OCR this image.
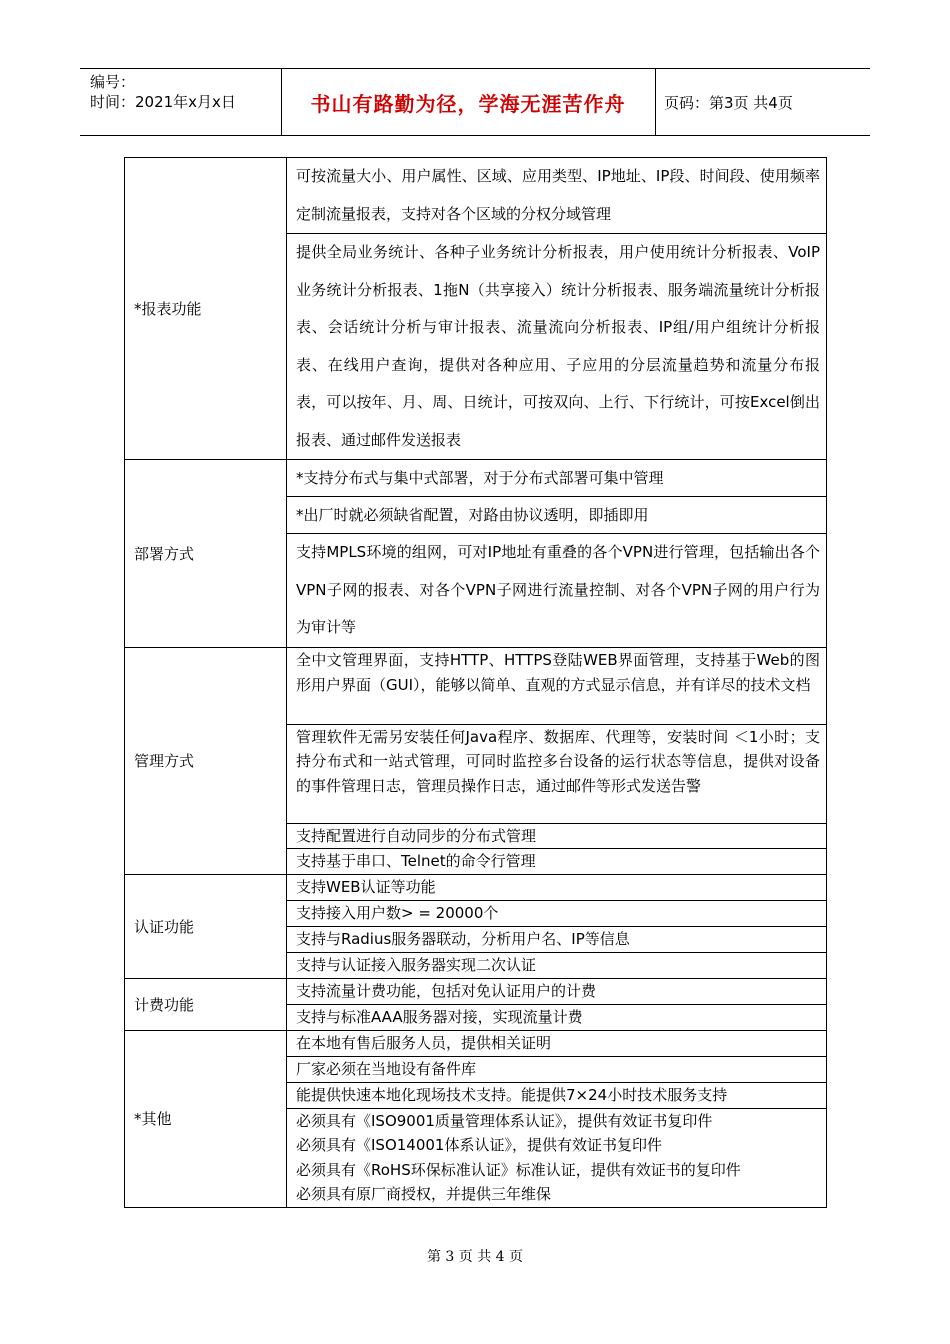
编号：
时间：2021年x月x日	书山有路勤为径，学海无涯苦作舟	页码：第3页 共4页
*报表功能	可按流量大小、用户属性、区域、应用类型、IP地址、IP段、时间段、使用频率定制流量报表，支持对各个区域的分权分域管理
	提供全局业务统计、各种子业务统计分析报表，用户使用统计分析报表、VoIP业务统计分析报表、1拖N（共享接入）统计分析报表、服务端流量统计分析报表、会话统计分析与审计报表、流量流向分析报表、IP组/用户组统计分析报表、在线用户查询，提供对各种应用、子应用的分层流量趋势和流量分布报表，可以按年、月、周、日统计，可按双向、上行、下行统计，可按Excel倒出报表、通过邮件发送报表
部署方式	*支持分布式与集中式部署，对于分布式部署可集中管理
	*出厂时就必须缺省配置，对路由协议透明，即插即用
	支持MPLS环境的组网，可对IP地址有重叠的各个VPN进行管理，包括输出各个VPN子网的报表、对各个VPN子网进行流量控制、对各个VPN子网的用户行为为审计等
管理方式	全中文管理界面，支持HTTP、HTTPS登陆WEB界面管理，支持基于Web的图形用户界面（GUI），能够以简单、直观的方式显示信息，并有详尽的技术文档
	管理软件无需另安装任何Java程序、数据库、代理等，安装时间 ＜1小时；支持分布式和一站式管理，可同时监控多台设备的运行状态等信息，提供对设备的事件管理日志，管理员操作日志，通过邮件等形式发送告警
	支持配置进行自动同步的分布式管理
	支持基于串口、Telnet的命令行管理
认证功能	支持WEB认证等功能
	支持接入用户数> = 20000个
	支持与Radius服务器联动，分析用户名、IP等信息
	支持与认证接入服务器实现二次认证
计费功能	支持流量计费功能，包括对免认证用户的计费
	支持与标准AAA服务器对接，实现流量计费
*其他	在本地有售后服务人员，提供相关证明
	厂家必须在当地设有备件库
	能提供快速本地化现场技术支持。能提供7×24小时技术服务支持

	必须具有《ISO9001质量管理体系认证》，提供有效证书复印件
必须具有《ISO14001体系认证》，提供有效证书复印件
必须具有《RoHS环保标准认证》标准认证，提供有效证书的复印件
必须具有原厂商授权，并提供三年维保
第 3 页 共 4 页
